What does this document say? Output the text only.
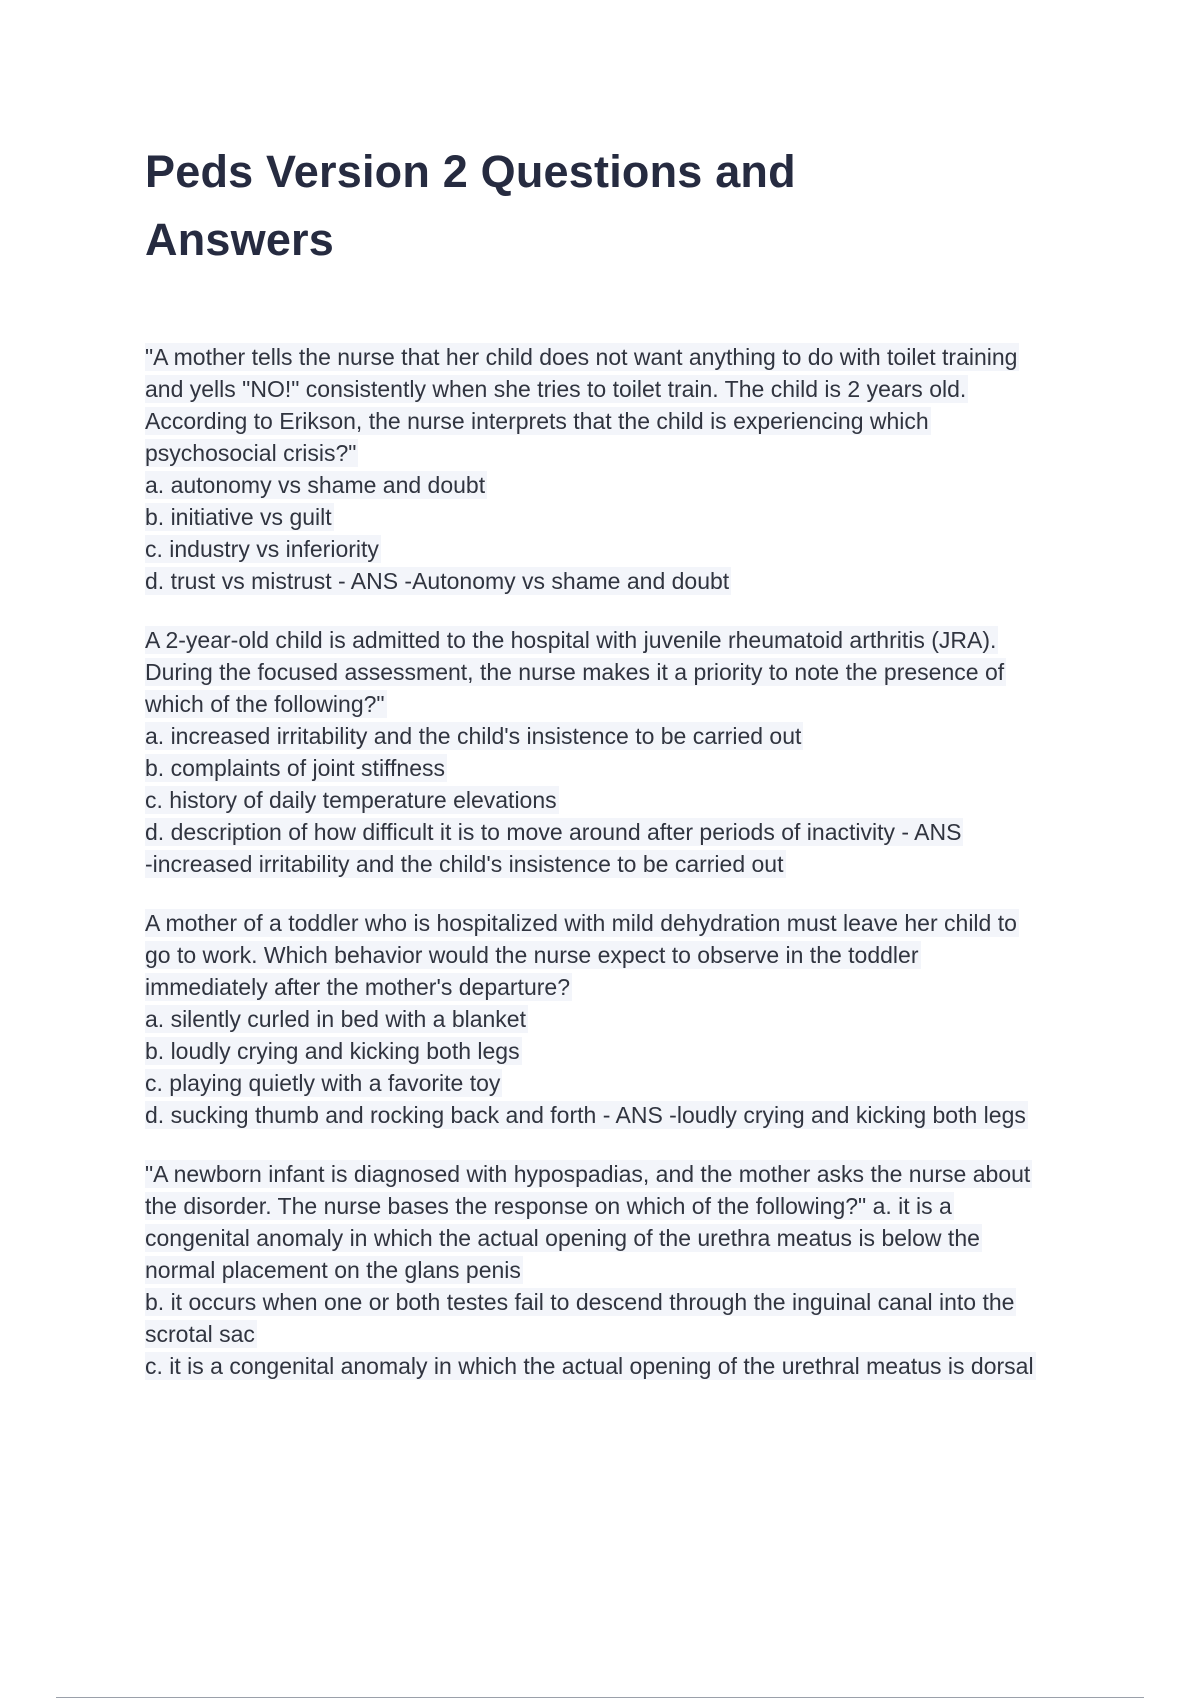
Peds Version 2 Questions and
Answers
"A mother tells the nurse that her child does not want anything to do with toilet training
and yells "NO!" consistently when she tries to toilet train. The child is 2 years old.
According to Erikson, the nurse interprets that the child is experiencing which
psychosocial crisis?"
a. autonomy vs shame and doubt
b. initiative vs guilt
c. industry vs inferiority
d. trust vs mistrust - ANS -Autonomy vs shame and doubt
A 2-year-old child is admitted to the hospital with juvenile rheumatoid arthritis (JRA).
During the focused assessment, the nurse makes it a priority to note the presence of
which of the following?"
a. increased irritability and the child's insistence to be carried out
b. complaints of joint stiffness
c. history of daily temperature elevations
d. description of how difficult it is to move around after periods of inactivity - ANS
-increased irritability and the child's insistence to be carried out
A mother of a toddler who is hospitalized with mild dehydration must leave her child to
go to work. Which behavior would the nurse expect to observe in the toddler
immediately after the mother's departure?
a. silently curled in bed with a blanket
b. loudly crying and kicking both legs
c. playing quietly with a favorite toy
d. sucking thumb and rocking back and forth - ANS -loudly crying and kicking both legs
"A newborn infant is diagnosed with hypospadias, and the mother asks the nurse about
the disorder. The nurse bases the response on which of the following?" a. it is a
congenital anomaly in which the actual opening of the urethra meatus is below the
normal placement on the glans penis
b. it occurs when one or both testes fail to descend through the inguinal canal into the
scrotal sac
c. it is a congenital anomaly in which the actual opening of the urethral meatus is dorsal
